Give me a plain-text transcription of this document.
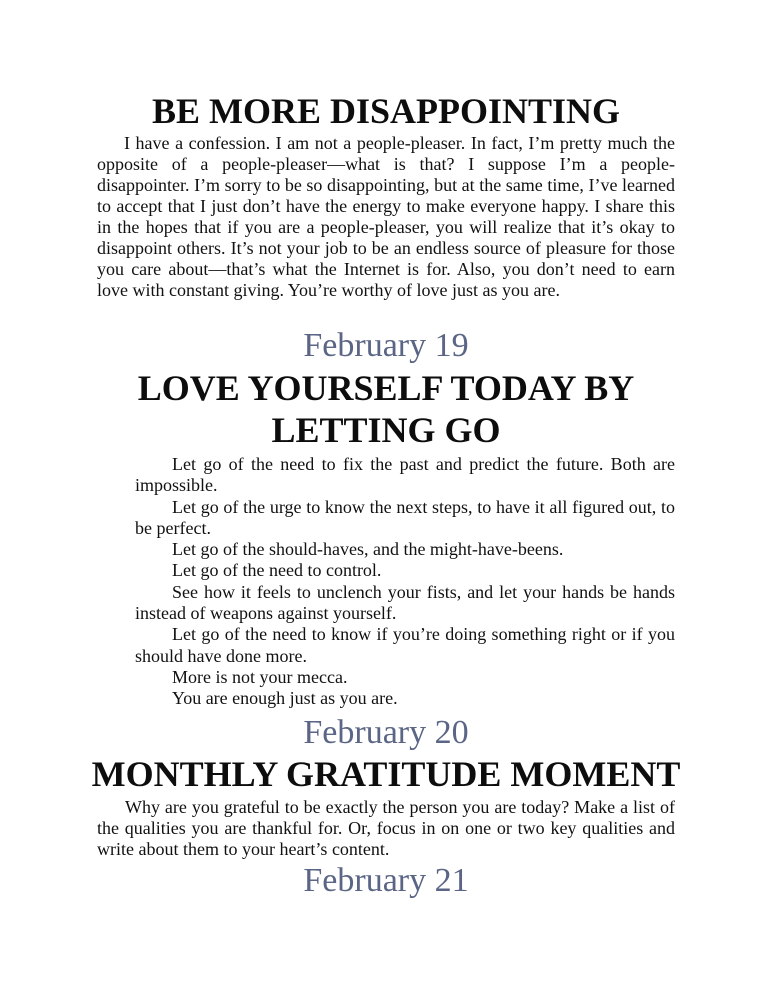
BE MORE DISAPPOINTING

I have a confession. I am not a people-pleaser. In fact, I’m pretty much the opposite of a people-pleaser—what is that? I suppose I’m a people-disappointer. I’m sorry to be so disappointing, but at the same time, I’ve learned to accept that I just don’t have the energy to make everyone happy. I share this in the hopes that if you are a people-pleaser, you will realize that it’s okay to disappoint others. It’s not your job to be an endless source of pleasure for those you care about—that’s what the Internet is for. Also, you don’t need to earn love with constant giving. You’re worthy of love just as you are.

February 19
LOVE YOURSELF TODAY BY
LETTING GO
Let go of the need to fix the past and predict the future. Both are impossible.
Let go of the urge to know the next steps, to have it all figured out, to be perfect.
Let go of the should-haves, and the might-have-beens.
Let go of the need to control.
See how it feels to unclench your fists, and let your hands be hands instead of weapons against yourself.
Let go of the need to know if you’re doing something right or if you should have done more.
More is not your mecca.
You are enough just as you are.
February 20
MONTHLY GRATITUDE MOMENT

Why are you grateful to be exactly the person you are today? Make a list of the qualities you are thankful for. Or, focus in on one or two key qualities and write about them to your heart’s content.

February 21
